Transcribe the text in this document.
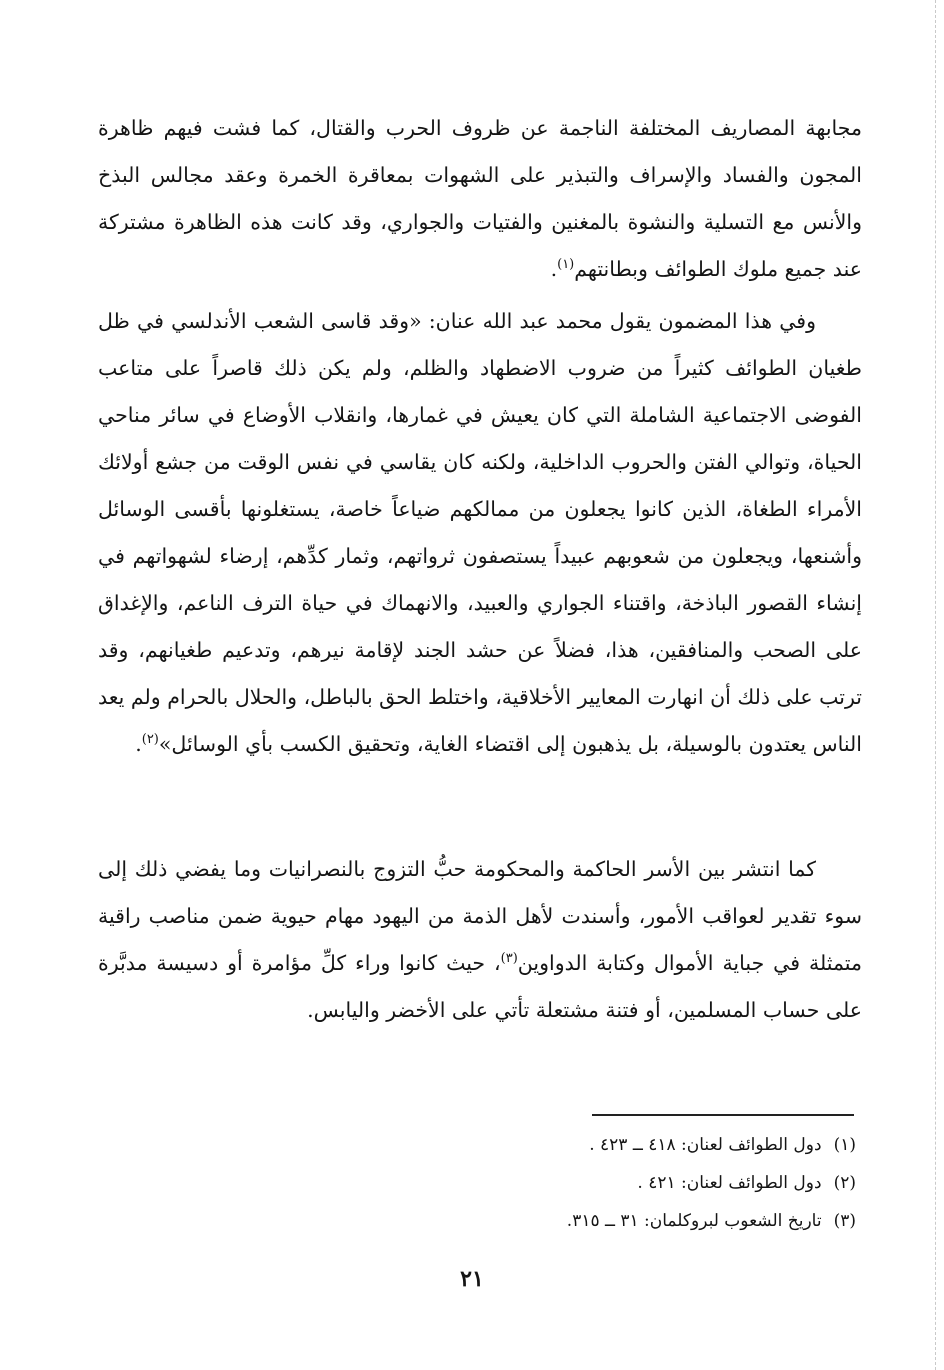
مجابهة المصاريف المختلفة الناجمة عن ظروف الحرب والقتال، كما فشت فيهم ظاهرة المجون والفساد والإسراف والتبذير على الشهوات بمعاقرة الخمرة وعقد مجالس البذخ والأنس مع التسلية والنشوة بالمغنين والفتيات والجواري، وقد كانت هذه الظاهرة مشتركة عند جميع ملوك الطوائف وبطانتهم$^{(١)}$.

وفي هذا المضمون يقول محمد عبد الله عنان: «وقد قاسى الشعب الأندلسي في ظل طغيان الطوائف كثيراً من ضروب الاضطهاد والظلم، ولم يكن ذلك قاصراً على متاعب الفوضى الاجتماعية الشاملة التي كان يعيش في غمارها، وانقلاب الأوضاع في سائر مناحي الحياة، وتوالي الفتن والحروب الداخلية، ولكنه كان يقاسي في نفس الوقت من جشع أولائك الأمراء الطغاة، الذين كانوا يجعلون من ممالكهم ضياعاً خاصة، يستغلونها بأقسى الوسائل وأشنعها، ويجعلون من شعوبهم عبيداً يستصفون ثرواتهم، وثمار كدِّهم، إرضاء لشهواتهم في إنشاء القصور الباذخة، واقتناء الجواري والعبيد، والانهماك في حياة الترف الناعم، والإغداق على الصحب والمنافقين، هذا، فضلاً عن حشد الجند لإقامة نيرهم، وتدعيم طغيانهم، وقد ترتب على ذلك أن انهارت المعايير الأخلاقية، واختلط الحق بالباطل، والحلال بالحرام ولم يعد الناس يعتدون بالوسيلة، بل يذهبون إلى اقتضاء الغاية، وتحقيق الكسب بأي الوسائل»$^{(٢)}$.

كما انتشر بين الأسر الحاكمة والمحكومة حبُّ التزوج بالنصرانيات وما يفضي ذلك إلى سوء تقدير لعواقب الأمور، وأسندت لأهل الذمة من اليهود مهام حيوية ضمن مناصب راقية متمثلة في جباية الأموال وكتابة الدواوين$^{(٣)}$، حيث كانوا وراء كلِّ مؤامرة أو دسيسة مدبَّرة على حساب المسلمين، أو فتنة مشتعلة تأتي على الأخضر واليابس.

(١)دول الطوائف لعنان: ٤١٨ ــ ٤٢٣ .
(٢)دول الطوائف لعنان: ٤٢١ .
(٣)تاريخ الشعوب لبروكلمان: ٣١ ــ ٣١٥.
٢١
